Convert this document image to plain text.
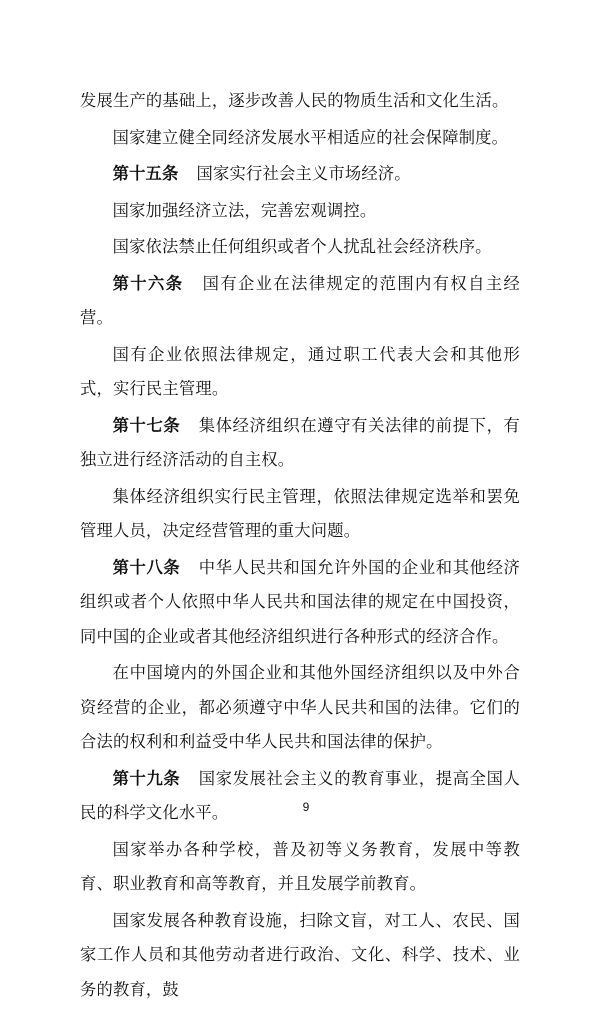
发展生产的基础上，逐步改善人民的物质生活和文化生活。

国家建立健全同经济发展水平相适应的社会保障制度。

第十五条 国家实行社会主义市场经济。

国家加强经济立法，完善宏观调控。

国家依法禁止任何组织或者个人扰乱社会经济秩序。

第十六条 国有企业在法律规定的范围内有权自主经营。

国有企业依照法律规定，通过职工代表大会和其他形式，实行民主管理。

第十七条 集体经济组织在遵守有关法律的前提下，有独立进行经济活动的自主权。

集体经济组织实行民主管理，依照法律规定选举和罢免管理人员，决定经营管理的重大问题。

第十八条 中华人民共和国允许外国的企业和其他经济组织或者个人依照中华人民共和国法律的规定在中国投资，同中国的企业或者其他经济组织进行各种形式的经济合作。

在中国境内的外国企业和其他外国经济组织以及中外合资经营的企业，都必须遵守中华人民共和国的法律。它们的合法的权利和利益受中华人民共和国法律的保护。

第十九条 国家发展社会主义的教育事业，提高全国人民的科学文化水平。

国家举办各种学校，普及初等义务教育，发展中等教育、职业教育和高等教育，并且发展学前教育。

国家发展各种教育设施，扫除文盲，对工人、农民、国家工作人员和其他劳动者进行政治、文化、科学、技术、业务的教育，鼓

9
